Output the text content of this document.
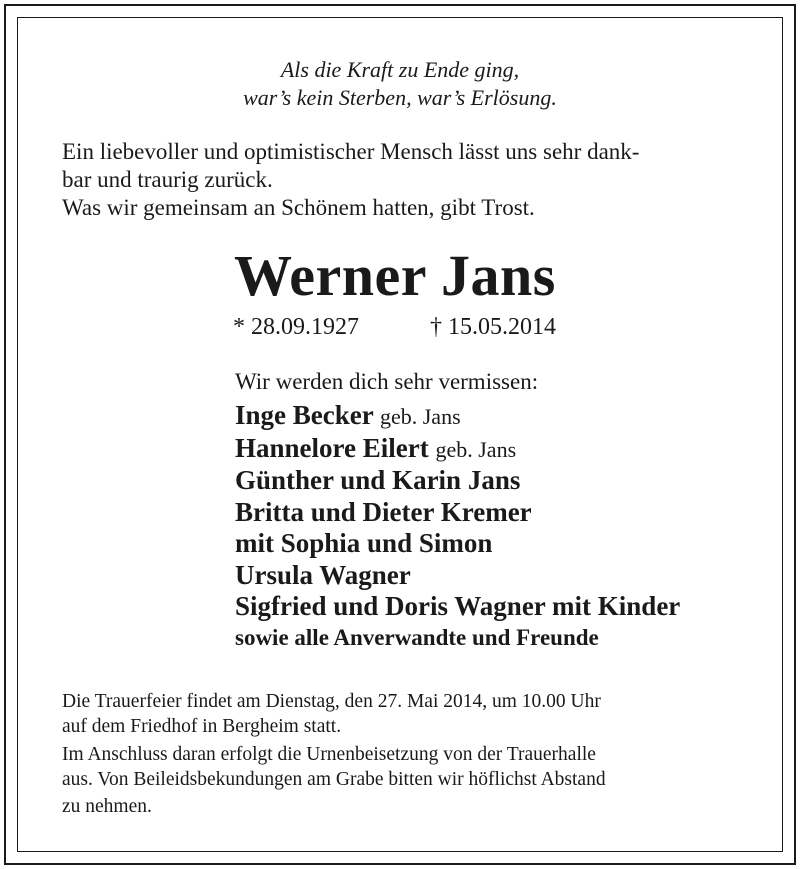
Als die Kraft zu Ende ging,
war’s kein Sterben, war’s Erlösung.
Ein liebevoller und optimistischer Mensch lässt uns sehr dank-
bar und traurig zurück.
Was wir gemeinsam an Schönem hatten, gibt Trost.
Werner Jans
* 28.09.1927	† 15.05.2014
Wir werden dich sehr vermissen:
Inge Becker geb. Jans
Hannelore Eilert geb. Jans
Günther und Karin Jans
Britta und Dieter Kremer
mit Sophia und Simon
Ursula Wagner
Sigfried und Doris Wagner mit Kinder
sowie alle Anverwandte und Freunde
Die Trauerfeier findet am Dienstag, den 27. Mai 2014, um 10.00 Uhr
auf dem Friedhof in Bergheim statt.
Im Anschluss daran erfolgt die Urnenbeisetzung von der Trauerhalle
aus. Von Beileidsbekundungen am Grabe bitten wir höflichst Abstand
zu nehmen.
